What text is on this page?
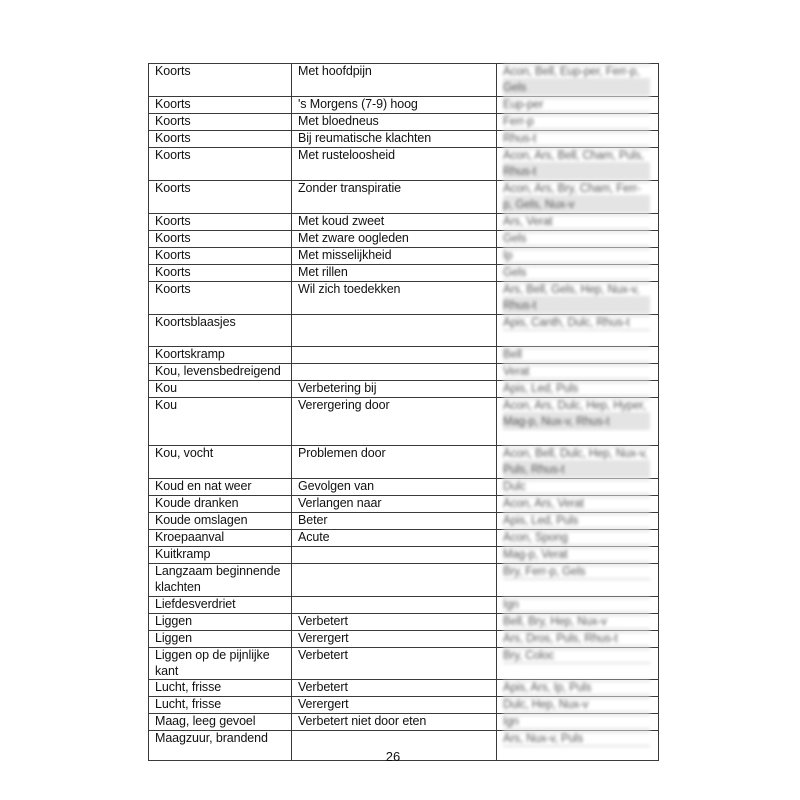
Koorts	Met hoofdpijn	Acon, Bell, Eup-per, Ferr-p, Gels

Koorts	's Morgens (7-9) hoog	Eup-per

Koorts	Met bloedneus	Ferr-p

Koorts	Bij reumatische klachten	Rhus-t

Koorts	Met rusteloosheid	Acon, Ars, Bell, Cham, Puls, Rhus-t

Koorts	Zonder transpiratie	Acon, Ars, Bry, Cham, Ferr-p, Gels, Nux-v

Koorts	Met koud zweet	Ars, Verat

Koorts	Met zware oogleden	Gels

Koorts	Met misselijkheid	Ip

Koorts	Met rillen	Gels

Koorts	Wil zich toedekken	Ars, Bell, Gels, Hep, Nux-v, Rhus-t

Koortsblaasjes		Apis, Canth, Dulc, Rhus-t

Koortskramp		Bell

Kou, levensbedreigend		Verat

Kou	Verbetering bij	Apis, Led, Puls

Kou	Verergering door	Acon, Ars, Dulc, Hep, Hyper, Mag-p, Nux-v, Rhus-t

Kou, vocht	Problemen door	Acon, Bell, Dulc, Hep, Nux-v, Puls, Rhus-t

Koud en nat weer	Gevolgen van	Dulc

Koude dranken	Verlangen naar	Acon, Ars, Verat

Koude omslagen	Beter	Apis, Led, Puls

Kroepaanval	Acute	Acon, Spong

Kuitkramp		Mag-p, Verat

Langzaam beginnende klachten		Bry, Ferr-p, Gels

Liefdesverdriet		Ign

Liggen	Verbetert	Bell, Bry, Hep, Nux-v

Liggen	Verergert	Ars, Dros, Puls, Rhus-t

Liggen op de pijnlijke kant	Verbetert	Bry, Coloc

Lucht, frisse	Verbetert	Apis, Ars, Ip, Puls

Lucht, frisse	Verergert	Dulc, Hep, Nux-v

Maag, leeg gevoel	Verbetert niet door eten	Ign

Maagzuur, brandend		Ars, Nux-v, Puls
26
